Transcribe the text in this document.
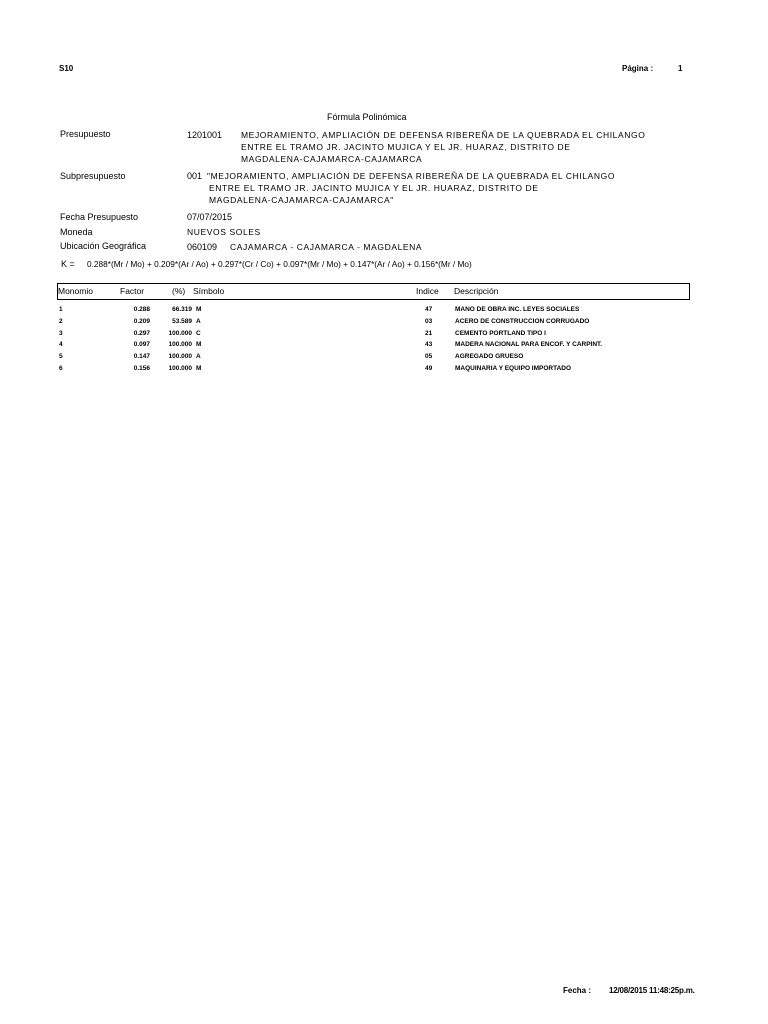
S10	Página :	1
Fórmula Polinómica
Presupuesto	1201001 MEJORAMIENTO, AMPLIACIÓN DE DEFENSA RIBEREÑA DE LA QUEBRADA EL CHILANGO
ENTRE EL TRAMO JR. JACINTO MUJICA Y EL JR. HUARAZ, DISTRITO DE
MAGDALENA-CAJAMARCA-CAJAMARCA
Subpresupuesto	001 "MEJORAMIENTO, AMPLIACIÓN DE DEFENSA RIBEREÑA DE LA QUEBRADA EL CHILANGO
ENTRE EL TRAMO JR. JACINTO MUJICA Y EL JR. HUARAZ, DISTRITO DE
MAGDALENA-CAJAMARCA-CAJAMARCA"
Fecha Presupuesto	07/07/2015
Moneda	NUEVOS SOLES
Ubicación Geográfica	060109 CAJAMARCA - CAJAMARCA - MAGDALENA
K = 0.288*(Mr / Mo) + 0.209*(Ar / Ao) + 0.297*(Cr / Co) + 0.097*(Mr / Mo) + 0.147*(Ar / Ao) + 0.156*(Mr / Mo)
Monomio	Factor	(%) Símbolo	Indice Descripción
1	0.288	66.319 M	47	MANO DE OBRA INC. LEYES SOCIALES
2	0.209	53.589 A	03	ACERO DE CONSTRUCCION CORRUGADO
3	0.297	100.000 C	21	CEMENTO PORTLAND TIPO I
4	0.097	100.000 M	43	MADERA NACIONAL PARA ENCOF. Y CARPINT.
5	0.147	100.000 A	05	AGREGADO GRUESO
6	0.156	100.000 M	49	MAQUINARIA Y EQUIPO IMPORTADO
Fecha : 12/08/2015 11:48:25p.m.
